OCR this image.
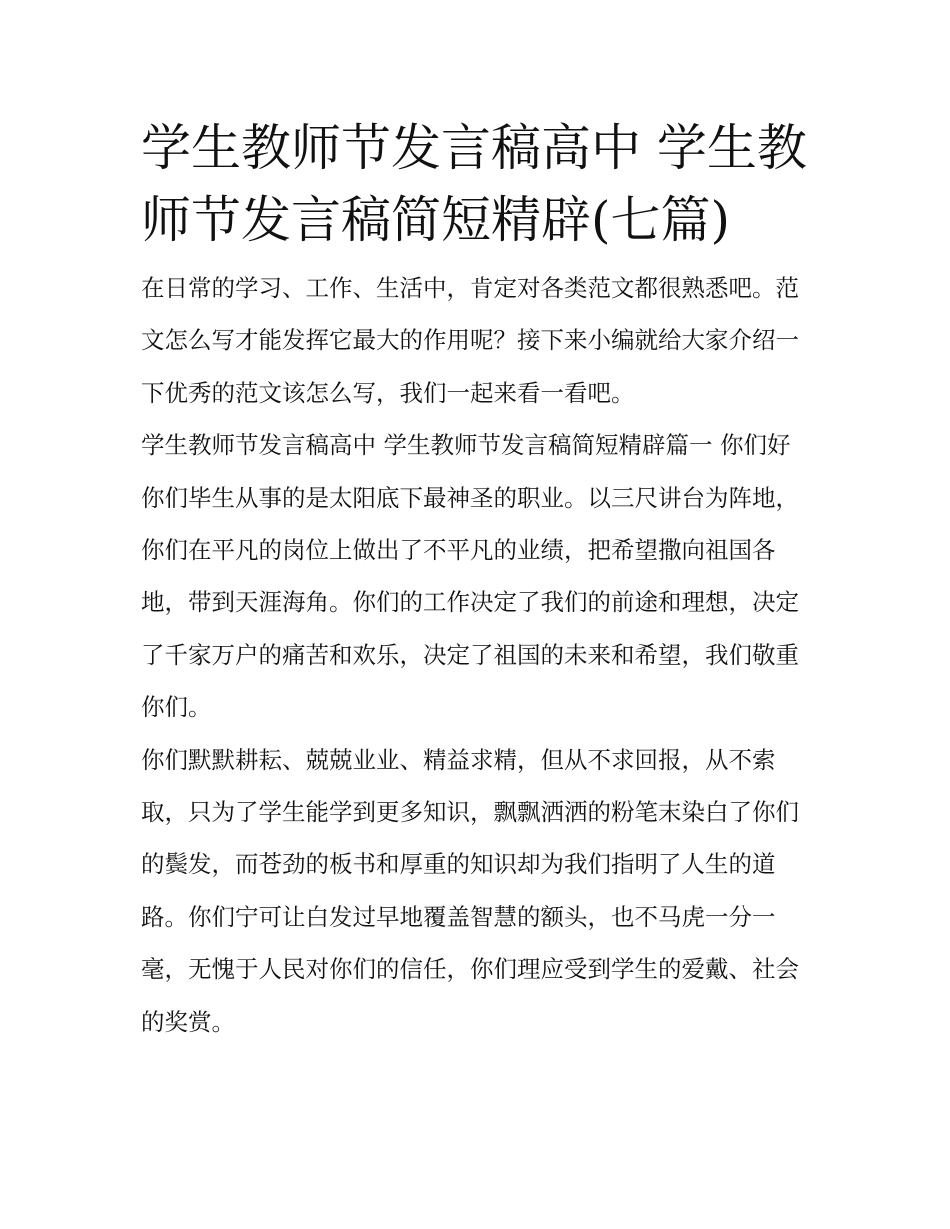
学生教师节发言稿高中 学生教
师节发言稿简短精辟(七篇)

在日常的学习、工作、生活中，肯定对各类范文都很熟悉吧。范文怎么写才能发挥它最大的作用呢？接下来小编就给大家介绍一下优秀的范文该怎么写，我们一起来看一看吧。

学生教师节发言稿高中 学生教师节发言稿简短精辟篇一 你们好

你们毕生从事的是太阳底下最神圣的职业。以三尺讲台为阵地，你们在平凡的岗位上做出了不平凡的业绩，把希望撒向祖国各地，带到天涯海角。你们的工作决定了我们的前途和理想，决定了千家万户的痛苦和欢乐，决定了祖国的未来和希望，我们敬重你们。

你们默默耕耘、兢兢业业、精益求精，但从不求回报，从不索取，只为了学生能学到更多知识，飘飘洒洒的粉笔末染白了你们的鬓发，而苍劲的板书和厚重的知识却为我们指明了人生的道路。你们宁可让白发过早地覆盖智慧的额头，也不马虎一分一毫，无愧于人民对你们的信任，你们理应受到学生的爱戴、社会的奖赏。
